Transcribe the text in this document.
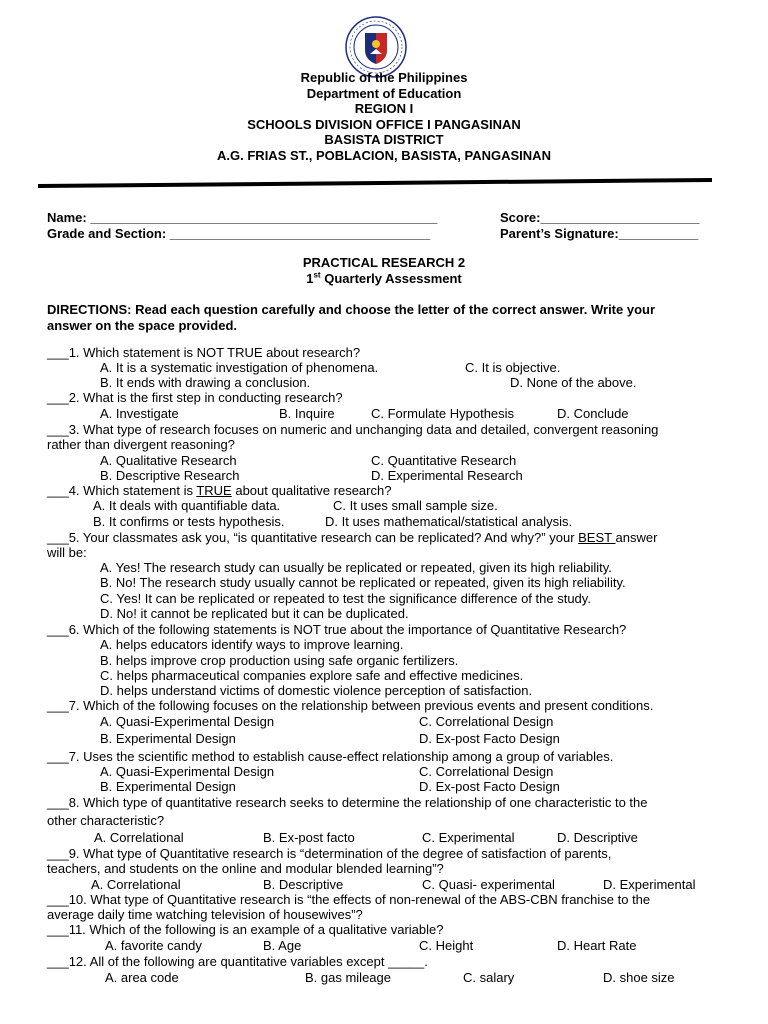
Republic of the Philippines
Department of Education
REGION I
SCHOOLS DIVISION OFFICE I PANGASINAN
BASISTA DISTRICT
A.G. FRIAS ST., POBLACION, BASISTA, PANGASINAN
Name: ________________________________________________	Score:______________________
Grade and Section: ____________________________________	Parent’s Signature:___________
PRACTICAL RESEARCH 2
1st Quarterly Assessment
DIRECTIONS: Read each question carefully and choose the letter of the correct answer. Write your
answer on the space provided.
___1. Which statement is NOT TRUE about research?
A. It is a systematic investigation of phenomena.	C. It is objective.
B. It ends with drawing a conclusion.	D. None of the above.
___2. What is the first step in conducting research?
A. Investigate	B. Inquire	C. Formulate Hypothesis	D. Conclude
___3. What type of research focuses on numeric and unchanging data and detailed, convergent reasoning
rather than divergent reasoning?
A. Qualitative Research	C. Quantitative Research
B. Descriptive Research	D. Experimental Research
___4. Which statement is TRUE about qualitative research?
A. It deals with quantifiable data.	C. It uses small sample size.
B. It confirms or tests hypothesis.	D. It uses mathematical/statistical analysis.
___5. Your classmates ask you, “is quantitative research can be replicated? And why?” your BEST answer
will be:
A. Yes! The research study can usually be replicated or repeated, given its high reliability.
B. No! The research study usually cannot be replicated or repeated, given its high reliability.
C. Yes! It can be replicated or repeated to test the significance difference of the study.
D. No! it cannot be replicated but it can be duplicated.
___6. Which of the following statements is NOT true about the importance of Quantitative Research?
A. helps educators identify ways to improve learning.
B. helps improve crop production using safe organic fertilizers.
C. helps pharmaceutical companies explore safe and effective medicines.
D. helps understand victims of domestic violence perception of satisfaction.
___7. Which of the following focuses on the relationship between previous events and present conditions.
A. Quasi-Experimental Design	C. Correlational Design
B. Experimental Design	D. Ex-post Facto Design
___7. Uses the scientific method to establish cause-effect relationship among a group of variables.
A. Quasi-Experimental Design	C. Correlational Design
B. Experimental Design	D. Ex-post Facto Design
___8. Which type of quantitative research seeks to determine the relationship of one characteristic to the
other characteristic?
A. Correlational	B. Ex-post facto	C. Experimental	D. Descriptive
___9. What type of Quantitative research is “determination of the degree of satisfaction of parents,
teachers, and students on the online and modular blended learning”?
A. Correlational	B. Descriptive	C. Quasi- experimental	D. Experimental
___10. What type of Quantitative research is “the effects of non-renewal of the ABS-CBN franchise to the
average daily time watching television of housewives”?
___11. Which of the following is an example of a qualitative variable?
A. favorite candy	B. Age	C. Height	D. Heart Rate
___12. All of the following are quantitative variables except _____.
A. area code	B. gas mileage	C. salary	D. shoe size
